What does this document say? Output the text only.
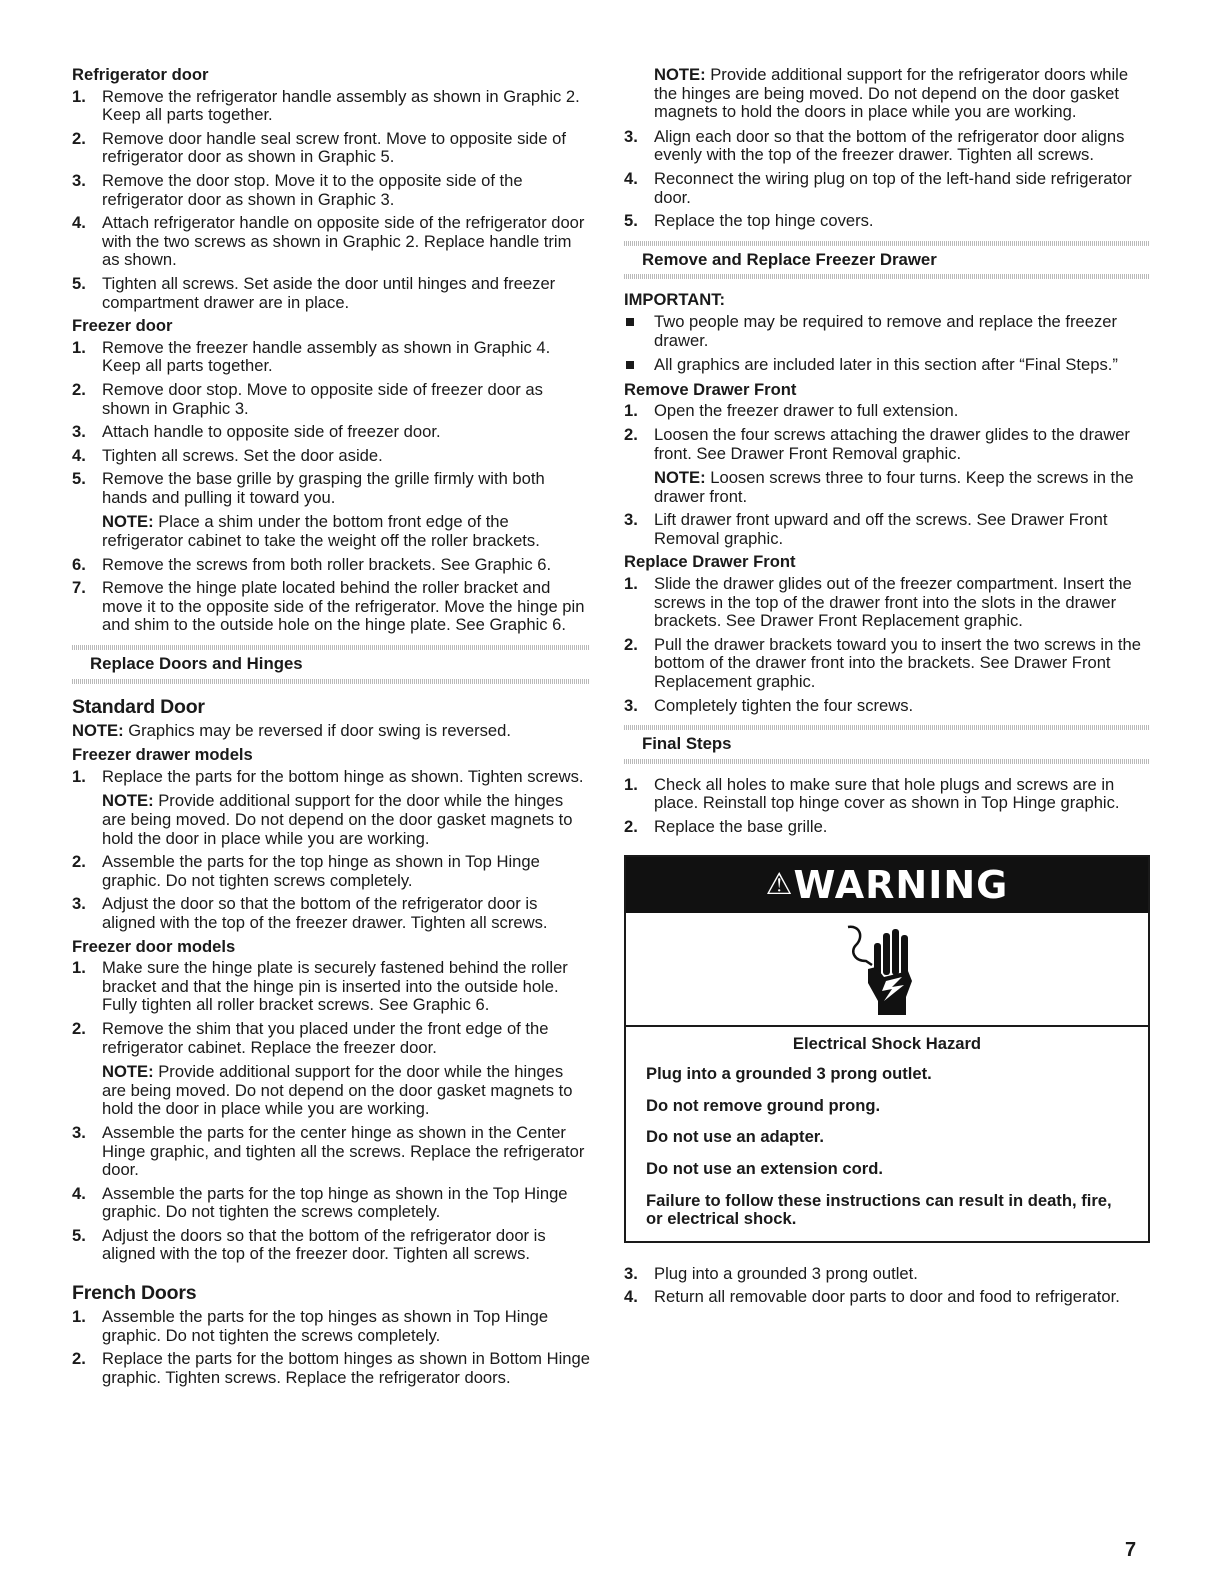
Refrigerator door
1. Remove the refrigerator handle assembly as shown in Graphic 2. Keep all parts together.
2. Remove door handle seal screw front. Move to opposite side of refrigerator door as shown in Graphic 5.
3. Remove the door stop. Move it to the opposite side of the refrigerator door as shown in Graphic 3.
4. Attach refrigerator handle on opposite side of the refrigerator door with the two screws as shown in Graphic 2. Replace handle trim as shown.
5. Tighten all screws. Set aside the door until hinges and freezer compartment drawer are in place.
Freezer door
1. Remove the freezer handle assembly as shown in Graphic 4. Keep all parts together.
2. Remove door stop. Move to opposite side of freezer door as shown in Graphic 3.
3. Attach handle to opposite side of freezer door.
4. Tighten all screws. Set the door aside.
5. Remove the base grille by grasping the grille firmly with both hands and pulling it toward you.
NOTE: Place a shim under the bottom front edge of the refrigerator cabinet to take the weight off the roller brackets.
6. Remove the screws from both roller brackets. See Graphic 6.
7. Remove the hinge plate located behind the roller bracket and move it to the opposite side of the refrigerator. Move the hinge pin and shim to the outside hole on the hinge plate. See Graphic 6.
Replace Doors and Hinges
Standard Door
NOTE: Graphics may be reversed if door swing is reversed.
Freezer drawer models
1. Replace the parts for the bottom hinge as shown. Tighten screws.
NOTE: Provide additional support for the door while the hinges are being moved. Do not depend on the door gasket magnets to hold the door in place while you are working.
2. Assemble the parts for the top hinge as shown in Top Hinge graphic. Do not tighten screws completely.
3. Adjust the door so that the bottom of the refrigerator door is aligned with the top of the freezer drawer. Tighten all screws.
Freezer door models
1. Make sure the hinge plate is securely fastened behind the roller bracket and that the hinge pin is inserted into the outside hole. Fully tighten all roller bracket screws. See Graphic 6.
2. Remove the shim that you placed under the front edge of the refrigerator cabinet. Replace the freezer door.
NOTE: Provide additional support for the door while the hinges are being moved. Do not depend on the door gasket magnets to hold the door in place while you are working.
3. Assemble the parts for the center hinge as shown in the Center Hinge graphic, and tighten all the screws. Replace the refrigerator door.
4. Assemble the parts for the top hinge as shown in the Top Hinge graphic. Do not tighten the screws completely.
5. Adjust the doors so that the bottom of the refrigerator door is aligned with the top of the freezer door. Tighten all screws.
French Doors
1. Assemble the parts for the top hinges as shown in Top Hinge graphic. Do not tighten the screws completely.
2. Replace the parts for the bottom hinges as shown in Bottom Hinge graphic. Tighten screws. Replace the refrigerator doors.
NOTE: Provide additional support for the refrigerator doors while the hinges are being moved. Do not depend on the door gasket magnets to hold the doors in place while you are working.
3. Align each door so that the bottom of the refrigerator door aligns evenly with the top of the freezer drawer. Tighten all screws.
4. Reconnect the wiring plug on top of the left-hand side refrigerator door.
5. Replace the top hinge covers.
Remove and Replace Freezer Drawer
IMPORTANT:
Two people may be required to remove and replace the freezer drawer.
All graphics are included later in this section after “Final Steps.”
Remove Drawer Front
1. Open the freezer drawer to full extension.
2. Loosen the four screws attaching the drawer glides to the drawer front. See Drawer Front Removal graphic.
NOTE: Loosen screws three to four turns. Keep the screws in the drawer front.
3. Lift drawer front upward and off the screws. See Drawer Front Removal graphic.
Replace Drawer Front
1. Slide the drawer glides out of the freezer compartment. Insert the screws in the top of the drawer front into the slots in the drawer brackets. See Drawer Front Replacement graphic.
2. Pull the drawer brackets toward you to insert the two screws in the bottom of the drawer front into the brackets. See Drawer Front Replacement graphic.
3. Completely tighten the four screws.
Final Steps
1. Check all holes to make sure that hole plugs and screws are in place. Reinstall top hinge cover as shown in Top Hinge graphic.
2. Replace the base grille.
⚠WARNING
Electrical Shock Hazard
Plug into a grounded 3 prong outlet.
Do not remove ground prong.
Do not use an adapter.
Do not use an extension cord.
Failure to follow these instructions can result in death, fire, or electrical shock.
3. Plug into a grounded 3 prong outlet.
4. Return all removable door parts to door and food to refrigerator.
7
